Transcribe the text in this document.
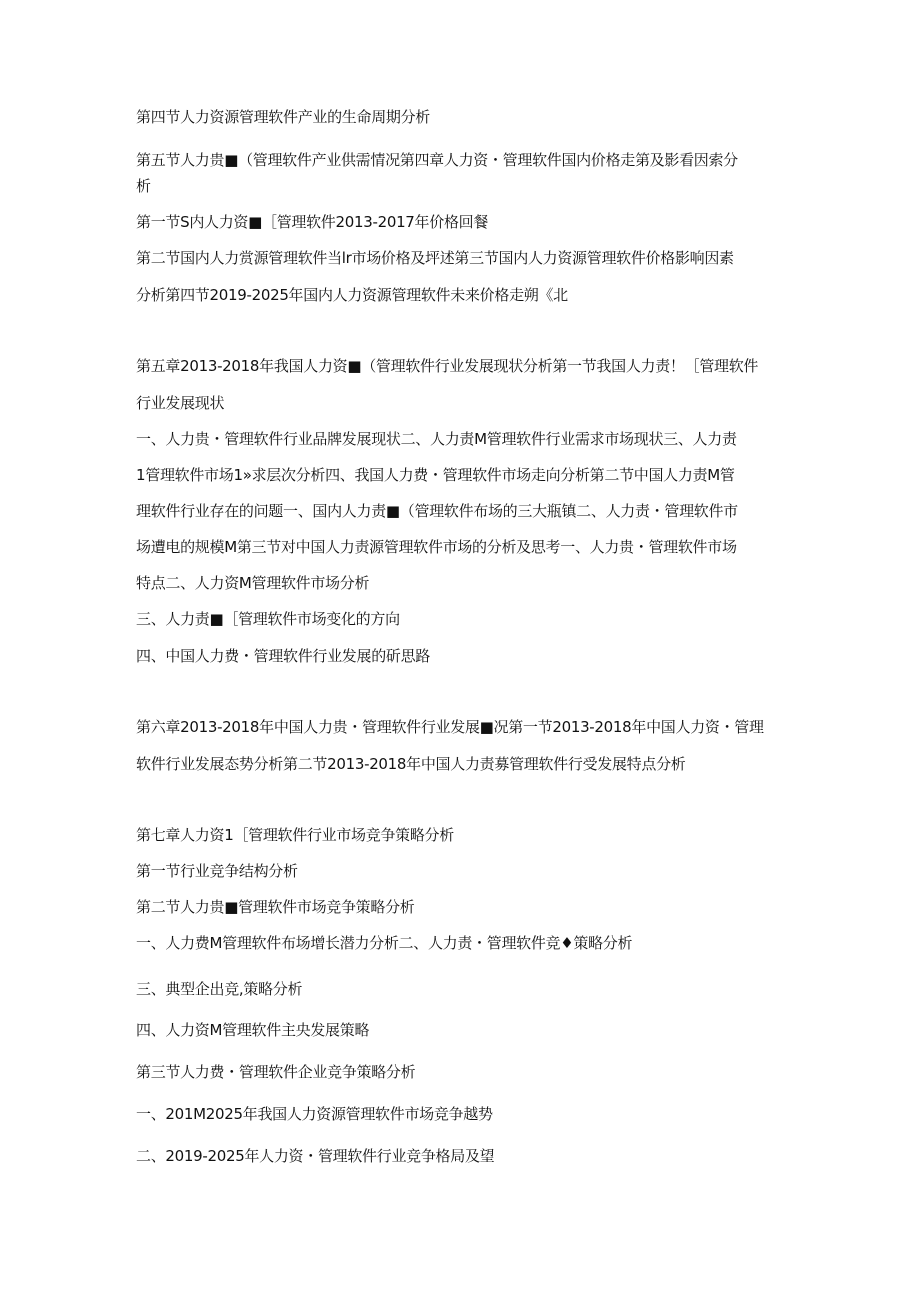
第四节人力资源管理软件产业的生命周期分析
第五节人力贵■（管理软件产业供需情况第四章人力资・管理软件国内价格走第及影看因索分
析
第一节S内人力资■［管理软件2013-2017年价格回餐
第二节国内人力赏源管理软件当lr市场价格及坪述第三节国内人力资源管理软件价格影响因素
分析第四节2019-2025年国内人力资源管理软件未来价格走朔《北
第五章2013-2018年我国人力资■（管理软件行业发展现状分析第一节我国人力责！［管理软件
行业发展现状
一、人力贵・管理软件行业品牌发展现状二、人力责M管理软件行业需求市场现状三、人力责
1管理软件市场1»求层次分析四、我国人力费・管理软件市场走向分析第二节中国人力责M管
理软件行业存在的问题一、国内人力责■（管理软件布场的三大瓶镇二、人力责・管理软件市
场遭电的规模M第三节对中国人力责源管理软件市场的分析及思考一、人力贵・管理软件市场
特点二、人力资M管理软件市场分析
三、人力责■［管理软件市场变化的方向
四、中国人力费・管理软件行业发展的斫思路
第六章2013-2018年中国人力贵・管理软件行业发展■况第一节2013-2018年中国人力资・管理
软件行业发展态势分析第二节2013-2018年中国人力责募管理软件行受发展特点分析
第七章人力资1［管理软件行业市场竞争策略分析
第一节行业竞争结构分析
第二节人力贵■管理软件市场竞争策略分析
一、人力费M管理软件布场增长潜力分析二、人力责・管理软件竞♦策略分析
三、典型企出竞,策略分析
四、人力资M管理软件主央发展策略
第三节人力费・管理软件企业竞争策略分析
一、201M2025年我国人力资源管理软件市场竞争越势
二、2019-2025年人力资・管理软件行业竞争格局及望
